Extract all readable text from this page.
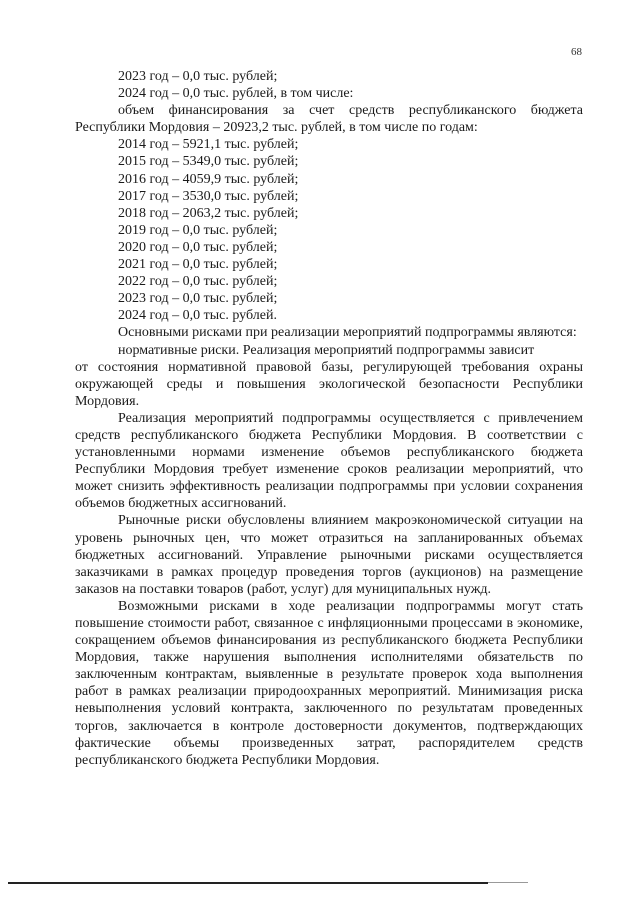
68

2023 год – 0,0 тыс. рублей;

2024 год – 0,0 тыс. рублей, в том числе:

объем финансирования за счет средств республиканского бюджета Республики Мордовия – 20923,2 тыс. рублей, в том числе по годам:

2014 год – 5921,1 тыс. рублей;

2015 год – 5349,0 тыс. рублей;

2016 год – 4059,9 тыс. рублей;

2017 год – 3530,0 тыс. рублей;

2018 год – 2063,2 тыс. рублей;

2019 год – 0,0 тыс. рублей;

2020 год – 0,0 тыс. рублей;

2021 год – 0,0 тыс. рублей;

2022 год – 0,0 тыс. рублей;

2023 год – 0,0 тыс. рублей;

2024 год – 0,0 тыс. рублей.

Основными рисками при реализации мероприятий подпрограммы являются:

нормативные риски. Реализация мероприятий подпрограммы зависит
от состояния нормативной правовой базы, регулирующей требования охраны окружающей среды и повышения экологической безопасности Республики Мордовия.

Реализация мероприятий подпрограммы осуществляется с привлечением средств республиканского бюджета Республики Мордовия. В соответствии с установленными нормами изменение объемов республиканского бюджета Республики Мордовия требует изменение сроков реализации мероприятий, что может снизить эффективность реализации подпрограммы при условии сохранения объемов бюджетных ассигнований.

Рыночные риски обусловлены влиянием макроэкономической ситуации на уровень рыночных цен, что может отразиться на запланированных объемах бюджетных ассигнований. Управление рыночными рисками осуществляется заказчиками в рамках процедур проведения торгов (аукционов) на размещение заказов на поставки товаров (работ, услуг) для муниципальных нужд.

Возможными рисками в ходе реализации подпрограммы могут стать повышение стоимости работ, связанное с инфляционными процессами в экономике, сокращением объемов финансирования из республиканского бюджета Республики Мордовия, также нарушения выполнения исполнителями обязательств по заключенным контрактам, выявленные в результате проверок хода выполнения работ в рамках реализации природоохранных мероприятий. Минимизация риска невыполнения условий контракта, заключенного по результатам проведенных торгов, заключается в контроле достоверности документов, подтверждающих фактические объемы произведенных затрат, распорядителем средств республиканского бюджета Республики Мордовия.
